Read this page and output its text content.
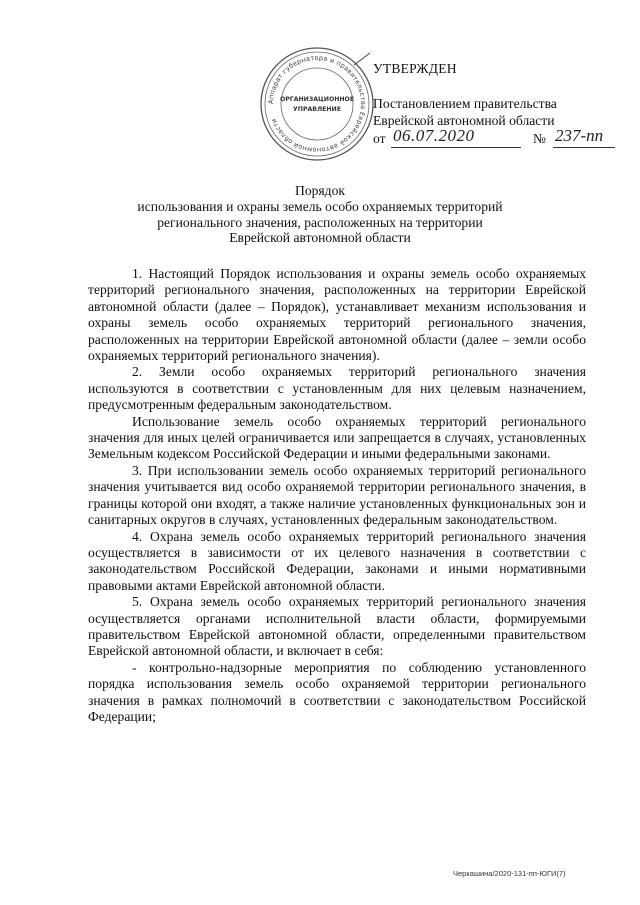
Аппарат губернатора и правительства Еврейской автономной области
ОРГАНИЗАЦИОННОЕ
УПРАВЛЕНИЕ
УТВЕРЖДЕН
Постановлением правительства
Еврейской автономной области
от 06.07.2020	№ 237-пп
Порядок
использования и охраны земель особо охраняемых территорий
регионального значения, расположенных на территории
Еврейской автономной области

1. Настоящий Порядок использования и охраны земель особо охраняемых территорий регионального значения, расположенных на территории Еврейской автономной области (далее – Порядок), устанавливает механизм использования и охраны земель особо охраняемых территорий регионального значения, расположенных на территории Еврейской автономной области (далее – земли особо охраняемых территорий регионального значения).

2. Земли особо охраняемых территорий регионального значения используются в соответствии с установленным для них целевым назначением, предусмотренным федеральным законодательством.

Использование земель особо охраняемых территорий регионального значения для иных целей ограничивается или запрещается в случаях, установленных Земельным кодексом Российской Федерации и иными федеральными законами.

3. При использовании земель особо охраняемых территорий регионального значения учитывается вид особо охраняемой территории регионального значения, в границы которой они входят, а также наличие установленных функциональных зон и санитарных округов в случаях, установленных федеральным законодательством.

4. Охрана земель особо охраняемых территорий регионального значения осуществляется в зависимости от их целевого назначения в соответствии с законодательством Российской Федерации, законами и иными нормативными правовыми актами Еврейской автономной области.

5. Охрана земель особо охраняемых территорий регионального значения осуществляется органами исполнительной власти области, формируемыми правительством Еврейской автономной области, определенными правительством Еврейской автономной области, и включает в себя:

- контрольно-надзорные мероприятия по соблюдению установленного порядка использования земель особо охраняемой территории регионального значения в рамках полномочий в соответствии с законодательством Российской Федерации;

Черкашина/2020-131-пп-ЮГИ(7)
